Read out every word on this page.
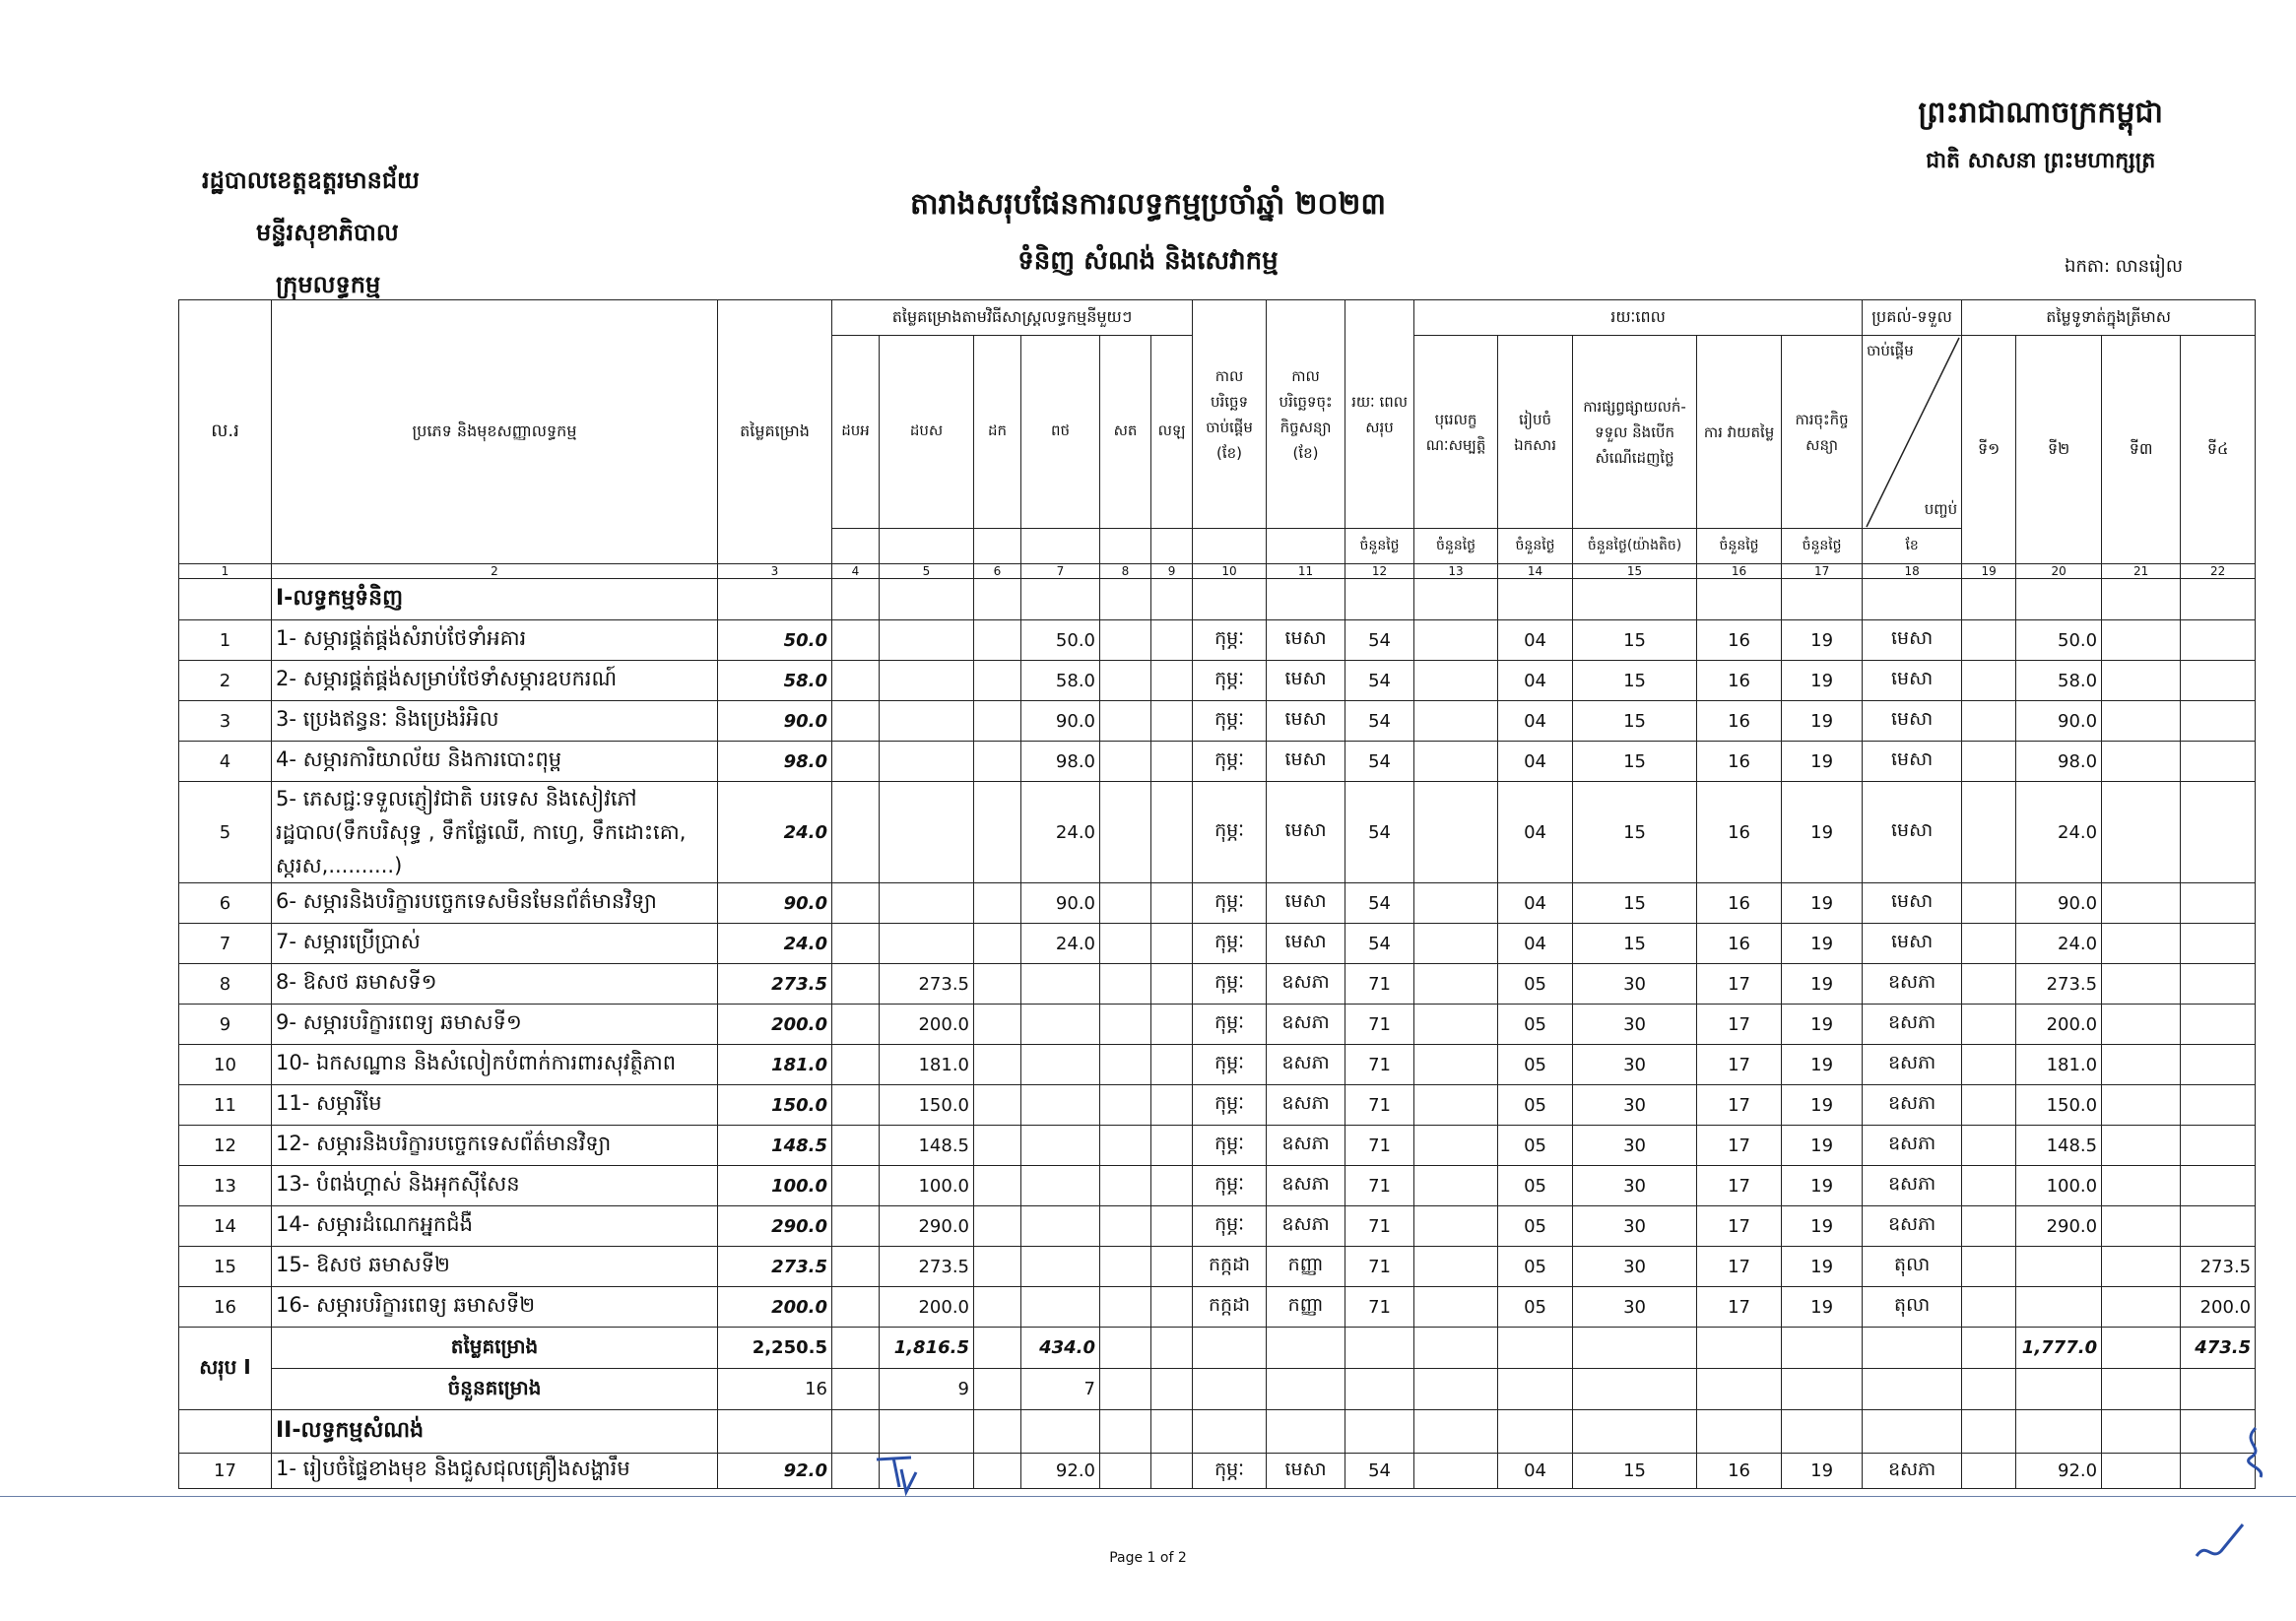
ព្រះរាជាណាចក្រកម្ពុជា
ជាតិ សាសនា ព្រះមហាក្សត្រ
រដ្ឋបាលខេត្តឧត្តរមានជ័យ
មន្ទីរសុខាភិបាល
ក្រុមលទ្ធកម្ម
តារាងសរុបផែនការលទ្ធកម្មប្រចាំឆ្នាំ ២០២៣
ទំនិញ សំណង់ និងសេវាកម្ម	ឯកតា: លានរៀល
ល.រ	ប្រភេទ និងមុខសញ្ញាលទ្ធកម្ម	តម្លៃគម្រោង	តម្លៃគម្រោងតាមវិធីសាស្ត្រលទ្ធកម្មនីមួយៗ						កាល បរិច្ឆេទ ចាប់ផ្តើម (ខែ)	កាល បរិច្ឆេទចុះ កិច្ចសន្យា (ខែ)	រយៈ ពេលសរុប	រយៈពេល					ប្រគល់-ទទួល	តម្លៃទូទាត់ក្នុងត្រីមាស			
			ដបអ	ដបស	ដក	ពថ	សត	លឡ				បុរេលក្ខ ណៈសម្បត្តិ	រៀបចំ ឯកសារ	ការផ្សព្វផ្សាយលក់- ទទួល និងបើក សំណើដេញថ្លៃ	ការ វាយតម្លៃ	ការចុះកិច្ច សន្យា	ចាប់ផ្តើម
បញ្ចប់	ទី១	ទី២	ទី៣	ទី៤
											ចំនួនថ្ងៃ	ចំនួនថ្ងៃ	ចំនួនថ្ងៃ	ចំនួនថ្ងៃ(យ៉ាងតិច)	ចំនួនថ្ងៃ	ចំនួនថ្ងៃ	ខែ				
1	2	3	4	5	6	7	8	9	10	11	12	13	14	15	16	17	18	19	20	21	22
	I-លទ្ធកម្មទំនិញ																				
1	1- សម្ភារផ្គត់ផ្គង់សំរាប់ថែទាំអគារ	50.0				50.0			កុម្ភៈ	មេសា	54		04	15	16	19	មេសា		50.0		
2	2- សម្ភារផ្គត់ផ្គង់សម្រាប់ថែទាំសម្ភារឧបករណ៍	58.0				58.0			កុម្ភៈ	មេសា	54		04	15	16	19	មេសា		58.0		
3	3- ប្រេងឥន្ធនៈ និងប្រេងរំអិល	90.0				90.0			កុម្ភៈ	មេសា	54		04	15	16	19	មេសា		90.0		
4	4- សម្ភារការិយាល័យ និងការបោះពុម្ព	98.0				98.0			កុម្ភៈ	មេសា	54		04	15	16	19	មេសា		98.0		
5	5- ភេសជ្ជៈទទួលភ្ញៀវជាតិ បរទេស និងសៀវភៅរដ្ឋបាល(ទឹកបរិសុទ្ធ , ទឹកផ្លែឈើ, កាហ្វេ, ទឹកដោះគោ, ស្ករស,..........)	24.0				24.0			កុម្ភៈ	មេសា	54		04	15	16	19	មេសា		24.0		
6	6- សម្ភារនិងបរិក្ខារបច្ចេកទេសមិនមែនព័ត៌មានវិទ្យា	90.0				90.0			កុម្ភៈ	មេសា	54		04	15	16	19	មេសា		90.0		
7	7- សម្ភារប្រើប្រាស់	24.0				24.0			កុម្ភៈ	មេសា	54		04	15	16	19	មេសា		24.0		
8	8- ឱសថ ឆមាសទី១	273.5		273.5					កុម្ភៈ	ឧសភា	71		05	30	17	19	ឧសភា		273.5		
9	9- សម្ភារបរិក្ខារពេទ្យ ឆមាសទី១	200.0		200.0					កុម្ភៈ	ឧសភា	71		05	30	17	19	ឧសភា		200.0		
10	10- ឯកសណ្ឋាន និងសំលៀកបំពាក់ការពារសុវត្ថិភាព	181.0		181.0					កុម្ភៈ	ឧសភា	71		05	30	17	19	ឧសភា		181.0		
11	11- សម្ភារីមែ	150.0		150.0					កុម្ភៈ	ឧសភា	71		05	30	17	19	ឧសភា		150.0		
12	12- សម្ភារនិងបរិក្ខារបច្ចេកទេសព័ត៌មានវិទ្យា	148.5		148.5					កុម្ភៈ	ឧសភា	71		05	30	17	19	ឧសភា		148.5		
13	13- បំពង់ហ្គាស់ និងអុកស៊ីសែន	100.0		100.0					កុម្ភៈ	ឧសភា	71		05	30	17	19	ឧសភា		100.0		
14	14- សម្ភារដំណេកអ្នកជំងឺ	290.0		290.0					កុម្ភៈ	ឧសភា	71		05	30	17	19	ឧសភា		290.0		
15	15- ឱសថ ឆមាសទី២	273.5		273.5					កក្កដា	កញ្ញា	71		05	30	17	19	តុលា				273.5
16	16- សម្ភារបរិក្ខារពេទ្យ ឆមាសទី២	200.0		200.0					កក្កដា	កញ្ញា	71		05	30	17	19	តុលា				200.0
សរុប I	តម្លៃគម្រោង	2,250.5		1,816.5		434.0													1,777.0		473.5
	ចំនួនគម្រោង	16		9		7															
	II-លទ្ធកម្មសំណង់																				
17	1- រៀបចំផ្ទៃខាងមុខ និងជួសជុលគ្រឿងសង្ហារឹម	92.0				92.0			កុម្ភៈ	មេសា	54		04	15	16	19	ឧសភា		92.0		
Page 1 of 2
